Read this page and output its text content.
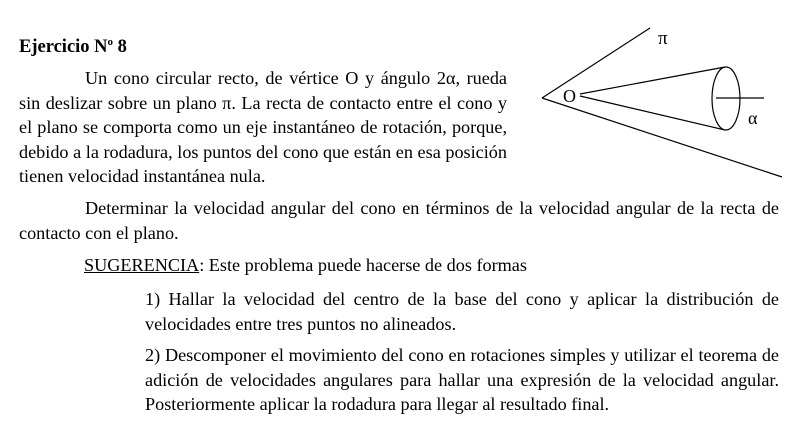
Ejercicio $N^o$ 8

Un cono circular recto, de vértice O y ángulo 2α, rueda sin deslizar sobre un plano π. La recta de contacto entre el cono y el plano se comporta como un eje instantáneo de rotación, porque, debido a la rodadura, los puntos del cono que están en esa posición tienen velocidad instantánea nula.

π
O
α

Determinar la velocidad angular del cono en términos de la velocidad angular de la recta de contacto con el plano.

SUGERENCIA: Este problema puede hacerse de dos formas

1) Hallar la velocidad del centro de la base del cono y aplicar la distribución de velocidades entre tres puntos no alineados.

2) Descomponer el movimiento del cono en rotaciones simples y utilizar el teorema de adición de velocidades angulares para hallar una expresión de la velocidad angular. Posteriormente aplicar la rodadura para llegar al resultado final.
